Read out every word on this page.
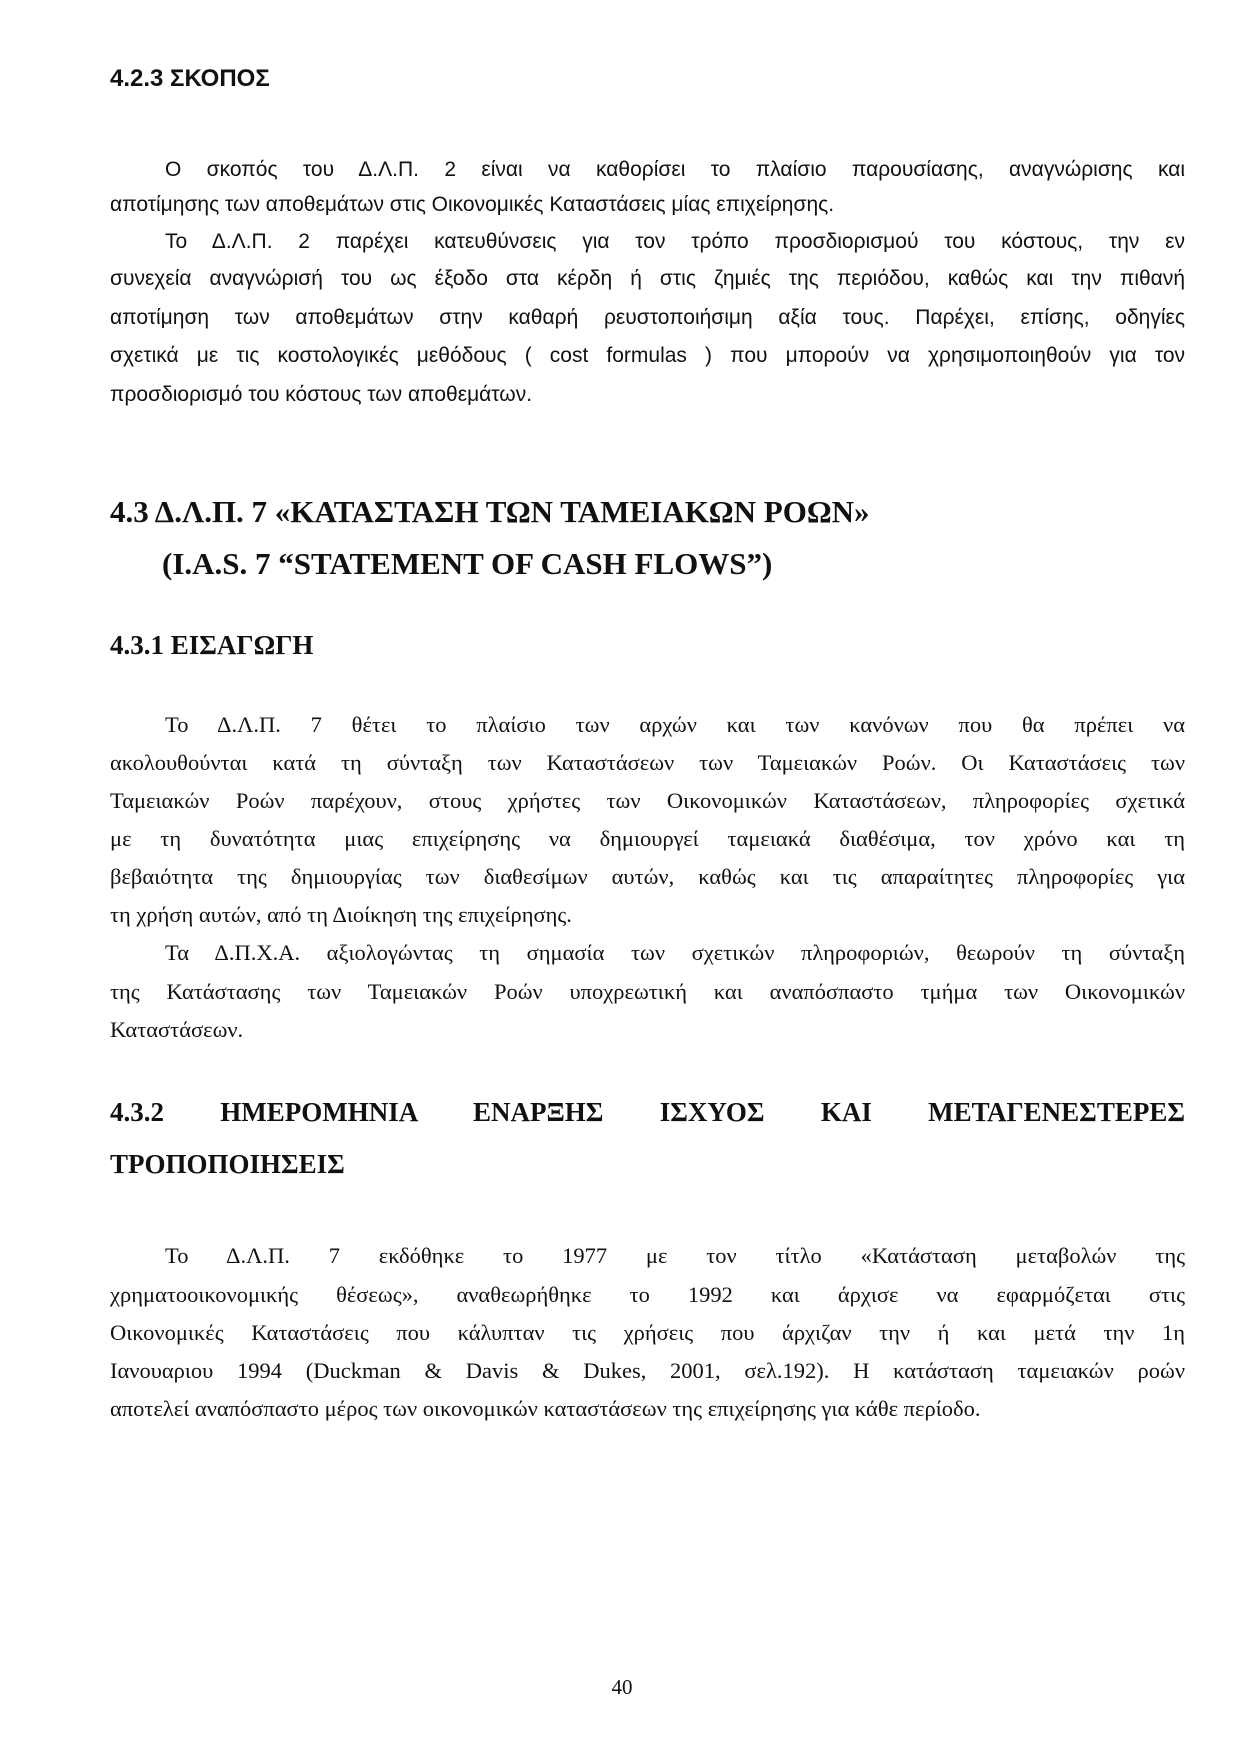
4.2.3 ΣΚΟΠΟΣ
Ο σκοπός του Δ.Λ.Π. 2 είναι να καθορίσει το πλαίσιο παρουσίασης, αναγνώρισης και
αποτίμησης των αποθεμάτων στις Οικονομικές Καταστάσεις μίας επιχείρησης.
Το Δ.Λ.Π. 2 παρέχει κατευθύνσεις για τον τρόπο προσδιορισμού του κόστους, την εν
συνεχεία αναγνώρισή του ως έξοδο στα κέρδη ή στις ζημιές της περιόδου, καθώς και την πιθανή
αποτίμηση των αποθεμάτων στην καθαρή ρευστοποιήσιμη αξία τους. Παρέχει, επίσης, οδηγίες
σχετικά με τις κοστολογικές μεθόδους ( cost formulas ) που μπορούν να χρησιμοποιηθούν για τον
προσδιορισμό του κόστους των αποθεμάτων.
4.3 Δ.Λ.Π. 7 «ΚΑΤΑΣΤΑΣΗ ΤΩΝ ΤΑΜΕΙΑΚΩΝ ΡΟΩΝ»
(I.A.S. 7 “STATEMENT OF CASH FLOWS”)
4.3.1 ΕΙΣΑΓΩΓΗ
Το Δ.Λ.Π. 7 θέτει το πλαίσιο των αρχών και των κανόνων που θα πρέπει να
ακολουθούνται κατά τη σύνταξη των Καταστάσεων των Ταμειακών Ροών. Οι Καταστάσεις των
Ταμειακών Ροών παρέχουν, στους χρήστες των Οικονομικών Καταστάσεων, πληροφορίες σχετικά
με τη δυνατότητα μιας επιχείρησης να δημιουργεί ταμειακά διαθέσιμα, τον χρόνο και τη
βεβαιότητα της δημιουργίας των διαθεσίμων αυτών, καθώς και τις απαραίτητες πληροφορίες για
τη χρήση αυτών, από τη Διοίκηση της επιχείρησης.
Τα Δ.Π.Χ.Α. αξιολογώντας τη σημασία των σχετικών πληροφοριών, θεωρούν τη σύνταξη
της Κατάστασης των Ταμειακών Ροών υποχρεωτική και αναπόσπαστο τμήμα των Οικονομικών
Καταστάσεων.
4.3.2 ΗΜΕΡΟΜΗΝΙΑ ΕΝΑΡΞΗΣ ΙΣΧΥΟΣ ΚΑΙ ΜΕΤΑΓΕΝΕΣΤΕΡΕΣ
ΤΡΟΠΟΠΟΙΗΣΕΙΣ
Το Δ.Λ.Π. 7 εκδόθηκε το 1977 με τον τίτλο «Κατάσταση μεταβολών της
χρηματοοικονομικής θέσεως», αναθεωρήθηκε το 1992 και άρχισε να εφαρμόζεται στις
Οικονομικές Καταστάσεις που κάλυπταν τις χρήσεις που άρχιζαν την ή και μετά την 1η
Ιανουαριου 1994 (Duckman & Davis & Dukes, 2001, σελ.192). Η κατάσταση ταμειακών ροών
αποτελεί αναπόσπαστο μέρος των οικονομικών καταστάσεων της επιχείρησης για κάθε περίοδο.
40
